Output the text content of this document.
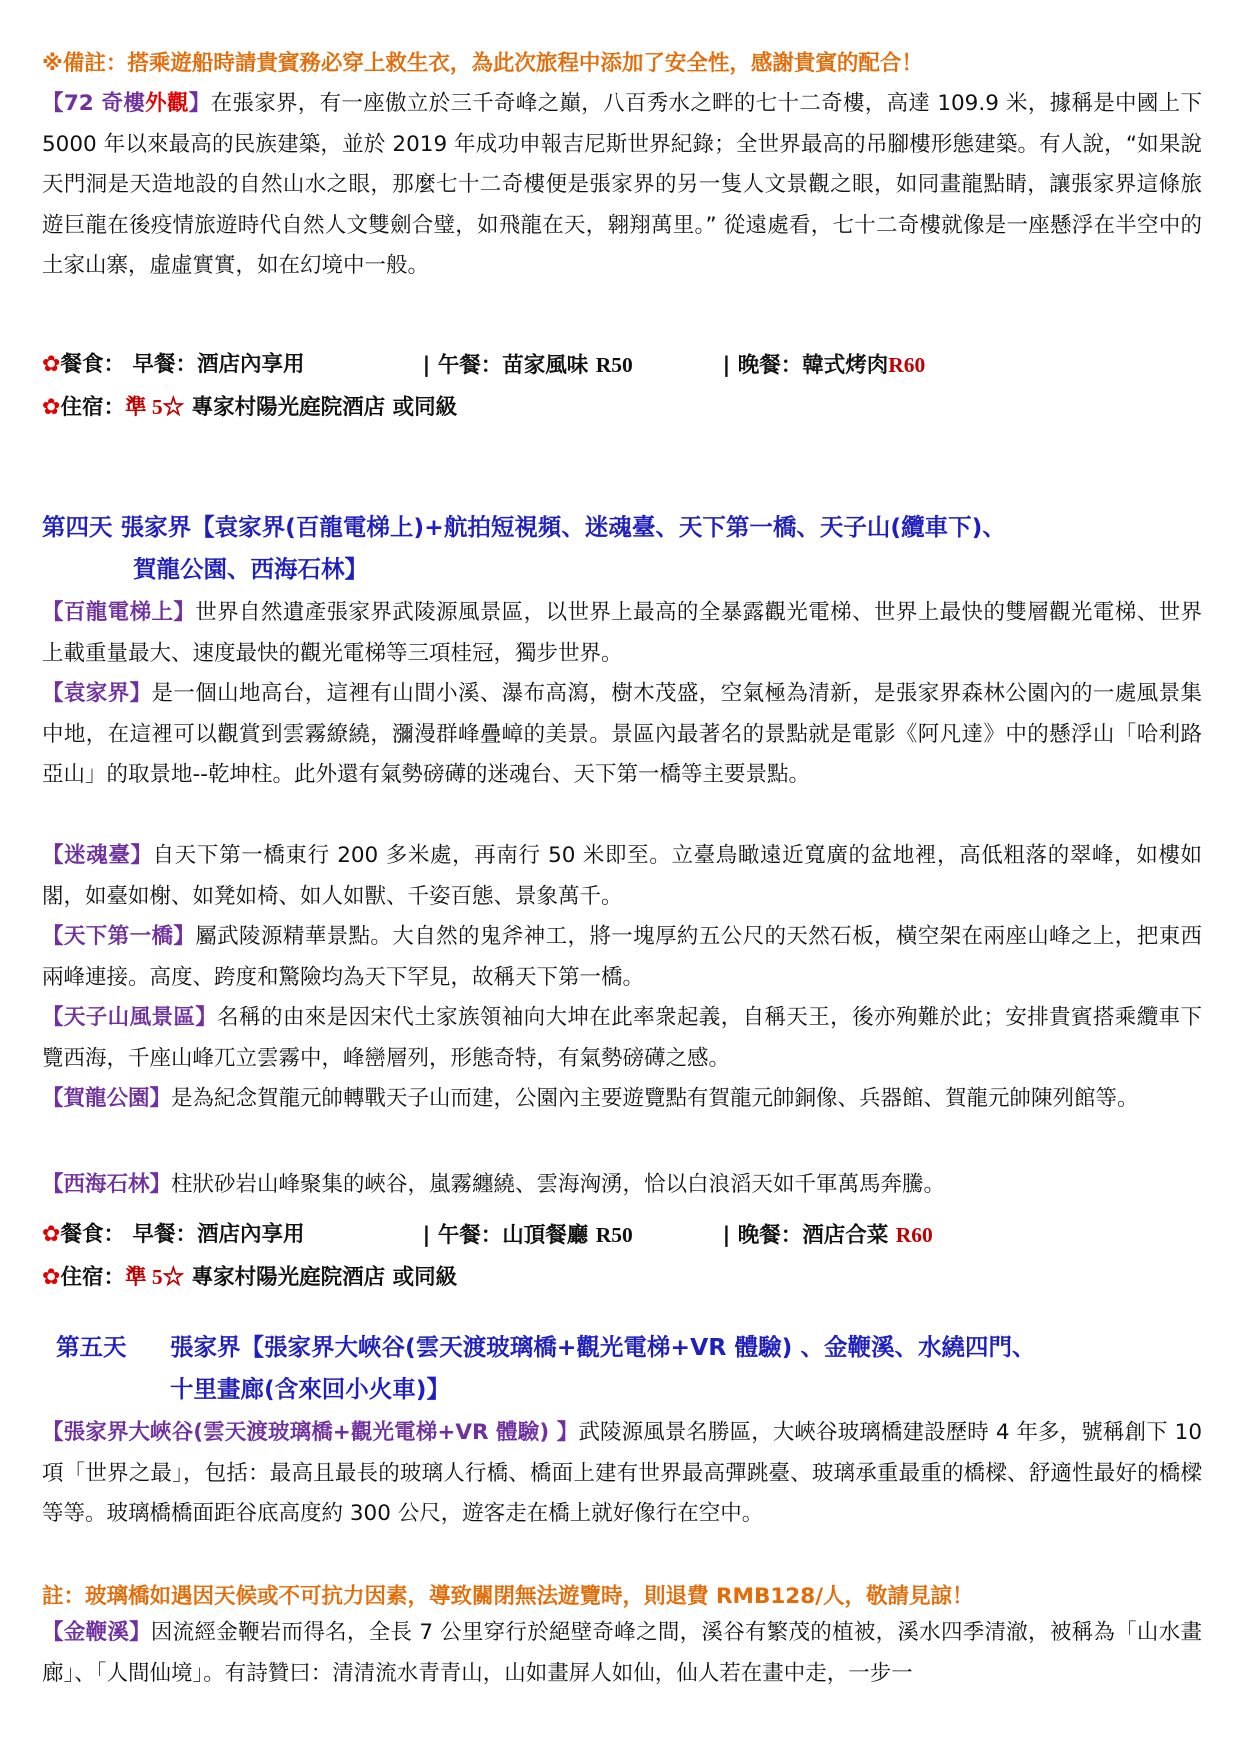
※備註：搭乘遊船時請貴賓務必穿上救生衣，為此次旅程中添加了安全性，感謝貴賓的配合！

【72 奇樓外觀】在張家界，有一座傲立於三千奇峰之巔，八百秀水之畔的七十二奇樓，高達 109.9 米，據稱是中國上下 5000 年以來最高的民族建築，並於 2019 年成功申報吉尼斯世界紀錄；全世界最高的吊腳樓形態建築。有人說，“如果說天門洞是天造地設的自然山水之眼，那麼七十二奇樓便是張家界的另一隻人文景觀之眼，如同畫龍點睛，讓張家界這條旅遊巨龍在後疫情旅遊時代自然人文雙劍合璧，如飛龍在天，翱翔萬里。” 從遠處看，七十二奇樓就像是一座懸浮在半空中的土家山寨，虛虛實實，如在幻境中一般。

✿餐食： 早餐：酒店內享用	| 午餐：苗家風味 R50	| 晚餐：韓式烤肉R60

✿住宿：準 5☆ 專家村陽光庭院酒店 或同級

第四天 張家界【袁家界(百龍電梯上)+航拍短視頻、迷魂臺、天下第一橋、天子山(纜車下)、
賀龍公園、西海石林】

【百龍電梯上】世界自然遺產張家界武陵源風景區，以世界上最高的全暴露觀光電梯、世界上最快的雙層觀光電梯、世界上載重量最大、速度最快的觀光電梯等三項桂冠，獨步世界。

【袁家界】是一個山地高台，這裡有山間小溪、瀑布高瀉，樹木茂盛，空氣極為清新，是張家界森林公園內的一處風景集中地，在這裡可以觀賞到雲霧繚繞，瀰漫群峰疊嶂的美景。景區內最著名的景點就是電影《阿凡達》中的懸浮山「哈利路亞山」的取景地--乾坤柱。此外還有氣勢磅礡的迷魂台、天下第一橋等主要景點。

【迷魂臺】自天下第一橋東行 200 多米處，再南行 50 米即至。立臺鳥瞰遠近寬廣的盆地裡，高低粗落的翠峰，如樓如閣，如臺如榭、如凳如椅、如人如獸、千姿百態、景象萬千。

【天下第一橋】屬武陵源精華景點。大自然的鬼斧神工，將一塊厚約五公尺的天然石板，橫空架在兩座山峰之上，把東西兩峰連接。高度、跨度和驚險均為天下罕見，故稱天下第一橋。

【天子山風景區】名稱的由來是因宋代土家族領袖向大坤在此率衆起義，自稱天王，後亦殉難於此；安排貴賓搭乘纜車下覽西海，千座山峰兀立雲霧中，峰巒層列，形態奇特，有氣勢磅礡之感。

【賀龍公園】是為紀念賀龍元帥轉戰天子山而建，公園內主要遊覽點有賀龍元帥銅像、兵器館、賀龍元帥陳列館等。

【西海石林】柱狀砂岩山峰聚集的峽谷，嵐霧纏繞、雲海洶湧，恰以白浪滔天如千軍萬馬奔騰。

✿餐食： 早餐：酒店內享用	| 午餐：山頂餐廳 R50	| 晚餐：酒店合菜 R60

✿住宿：準 5☆ 專家村陽光庭院酒店 或同級

第五天 張家界【張家界大峽谷(雲天渡玻璃橋+觀光電梯+VR 體驗) 、金鞭溪、水繞四門、
十里畫廊(含來回小火車)】

【張家界大峽谷(雲天渡玻璃橋+觀光電梯+VR 體驗) 】武陵源風景名勝區，大峽谷玻璃橋建設歷時 4 年多，號稱創下 10 項「世界之最」，包括：最高且最長的玻璃人行橋、橋面上建有世界最高彈跳臺、玻璃承重最重的橋樑、舒適性最好的橋樑等等。玻璃橋橋面距谷底高度約 300 公尺，遊客走在橋上就好像行在空中。

註：玻璃橋如遇因天候或不可抗力因素，導致關閉無法遊覽時，則退費 RMB128/人，敬請見諒！

【金鞭溪】因流經金鞭岩而得名，全長 7 公里穿行於絕壁奇峰之間，溪谷有繁茂的植被，溪水四季清澈，被稱為「山水畫廊」、「人間仙境」。有詩贊曰：清清流水青青山，山如畫屏人如仙，仙人若在畫中走，一步一
